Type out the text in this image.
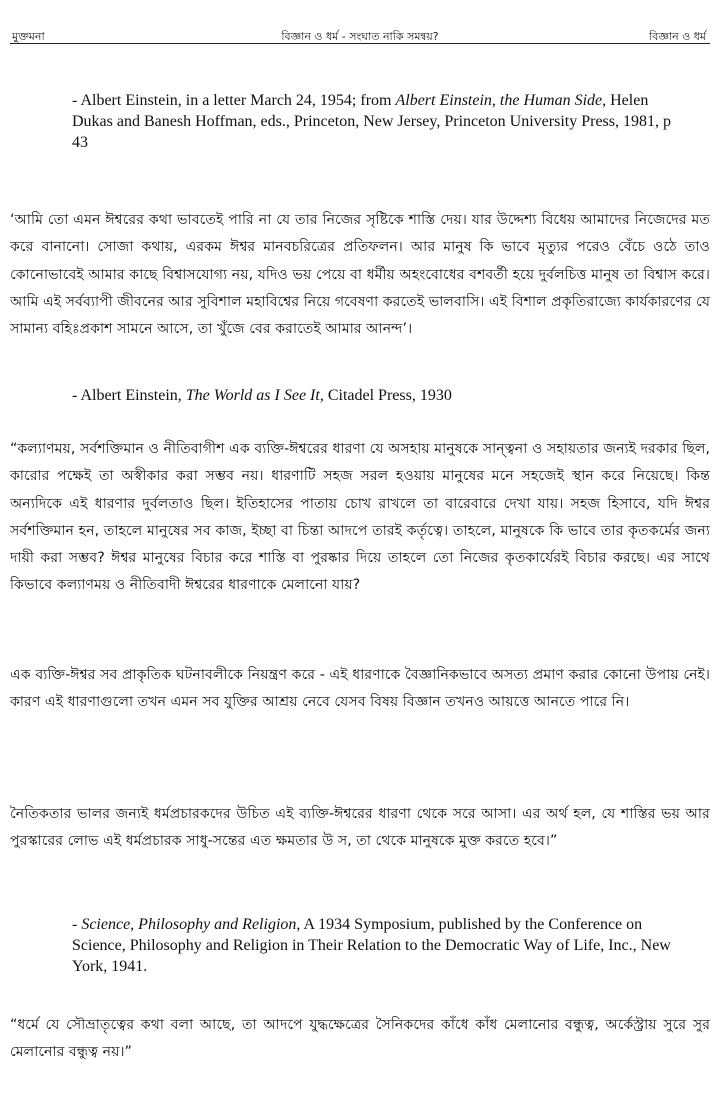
মুক্তমনা	বিজ্ঞান ও ধর্ম - সংঘাত নাকি সমন্বয়?	বিজ্ঞান ও ধর্ম
- Albert Einstein, in a letter March 24, 1954; from Albert Einstein, the Human Side, Helen Dukas and Banesh Hoffman, eds., Princeton, New Jersey, Princeton University Press, 1981, p 43
‘আমি তো এমন ঈশ্বরের কথা ভাবতেই পারি না যে তার নিজের সৃষ্টিকে শাস্তি দেয়। যার উদ্দেশ্য বিধেয় আমাদের নিজেদের মত করে বানানো। সোজা কথায়, এরকম ঈশ্বর মানবচরিত্রের প্রতিফলন। আর মানুষ কি ভাবে মৃত্যুর পরেও বেঁচে ওঠে তাও কোনোভাবেই আমার কাছে বিশ্বাসযোগ্য নয়, যদিও ভয় পেয়ে বা ধর্মীয় অহংবোধের বশবর্তী হয়ে দুর্বলচিত্ত মানুষ তা বিশ্বাস করে। আমি এই সর্বব্যাপী জীবনের আর সুবিশাল মহাবিশ্বের নিয়ে গবেষণা করতেই ভালবাসি। এই বিশাল প্রকৃতিরাজ্যে কার্যকারণের যে সামান্য বহিঃপ্রকাশ সামনে আসে, তা খুঁজে বের করাতেই আমার আনন্দ’।
- Albert Einstein, The World as I See It, Citadel Press, 1930
“কল্যাণময়, সর্বশক্তিমান ও নীতিবাগীশ এক ব্যক্তি-ঈশ্বরের ধারণা যে অসহায় মানুষকে সান্ত্বনা ও সহায়তার জন্যই দরকার ছিল, কারোর পক্ষেই তা অস্বীকার করা সম্ভব নয়। ধারণাটি সহজ সরল হওয়ায় মানুষের মনে সহজেই স্থান করে নিয়েছে। কিন্ত অন্যদিকে এই ধারণার দুর্বলতাও ছিল। ইতিহাসের পাতায় চোখ রাখলে তা বারেবারে দেখা যায়। সহজ হিসাবে, যদি ঈশ্বর সর্বশক্তিমান হন, তাহলে মানুষের সব কাজ, ইচ্ছা বা চিন্তা আদপে তারই কর্তৃত্বে। তাহলে, মানুষকে কি ভাবে তার কৃতকর্মের জন্য দায়ী করা সম্ভব? ঈশ্বর মানুষের বিচার করে শাস্তি বা পুরষ্কার দিয়ে তাহলে তো নিজের কৃতকার্যেরই বিচার করছে। এর সাথে কিভাবে কল্যাণময় ও নীতিবাদী ঈশ্বরের ধারণাকে মেলানো যায়?
এক ব্যক্তি-ঈশ্বর সব প্রাকৃতিক ঘটনাবলীকে নিয়ন্ত্রণ করে - এই ধারণাকে বৈজ্ঞানিকভাবে অসত্য প্রমাণ করার কোনো উপায় নেই। কারণ এই ধারণাগুলো তখন এমন সব যুক্তির আশ্রয় নেবে যেসব বিষয় বিজ্ঞান তখনও আয়ত্তে আনতে পারে নি।
নৈতিকতার ভালর জন্যই ধর্মপ্রচারকদের উচিত এই ব্যক্তি-ঈশ্বরের ধারণা থেকে সরে আসা। এর অর্থ হল, যে শাস্তির ভয় আর পুরস্কারের লোভ এই ধর্মপ্রচারক সাধু-সন্তের এত ক্ষমতার উ স, তা থেকে মানুষকে মুক্ত করতে হবে।”
- Science, Philosophy and Religion, A 1934 Symposium, published by the Conference on Science, Philosophy and Religion in Their Relation to the Democratic Way of Life, Inc., New York, 1941.
“ধর্মে যে সৌভ্রাতৃত্বের কথা বলা আছে, তা আদপে যুদ্ধক্ষেত্রের সৈনিকদের কাঁধে কাঁধ মেলানোর বন্ধুত্ব, অর্কেস্ট্রায় সুরে সুর মেলানোর বন্ধুত্ব নয়।”
